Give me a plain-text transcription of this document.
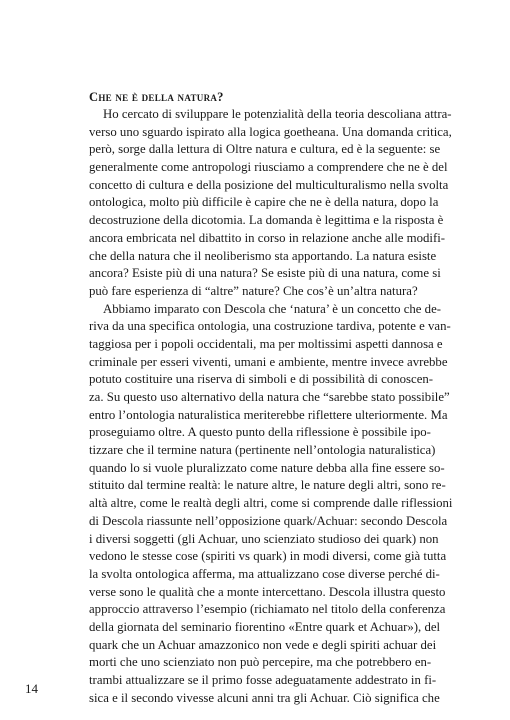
Che ne è della natura?
Ho cercato di sviluppare le potenzialità della teoria descoliana attra-
verso uno sguardo ispirato alla logica goetheana. Una domanda critica,
però, sorge dalla lettura di Oltre natura e cultura, ed è la seguente: se
generalmente come antropologi riusciamo a comprendere che ne è del
concetto di cultura e della posizione del multiculturalismo nella svolta
ontologica, molto più difficile è capire che ne è della natura, dopo la
decostruzione della dicotomia. La domanda è legittima e la risposta è
ancora embricata nel dibattito in corso in relazione anche alle modifi-
che della natura che il neoliberismo sta apportando. La natura esiste
ancora? Esiste più di una natura? Se esiste più di una natura, come si
può fare esperienza di “altre” nature? Che cos’è un’altra natura?
Abbiamo imparato con Descola che ‘natura’ è un concetto che de-
riva da una specifica ontologia, una costruzione tardiva, potente e van-
taggiosa per i popoli occidentali, ma per moltissimi aspetti dannosa e
criminale per esseri viventi, umani e ambiente, mentre invece avrebbe
potuto costituire una riserva di simboli e di possibilità di conoscen-
za. Su questo uso alternativo della natura che “sarebbe stato possibile”
entro l’ontologia naturalistica meriterebbe riflettere ulteriormente. Ma
proseguiamo oltre. A questo punto della riflessione è possibile ipo-
tizzare che il termine natura (pertinente nell’ontologia naturalistica)
quando lo si vuole pluralizzato come nature debba alla fine essere so-
stituito dal termine realtà: le nature altre, le nature degli altri, sono re-
altà altre, come le realtà degli altri, come si comprende dalle riflessioni
di Descola riassunte nell’opposizione quark/Achuar: secondo Descola
i diversi soggetti (gli Achuar, uno scienziato studioso dei quark) non
vedono le stesse cose (spiriti vs quark) in modi diversi, come già tutta
la svolta ontologica afferma, ma attualizzano cose diverse perché di-
verse sono le qualità che a monte intercettano. Descola illustra questo
approccio attraverso l’esempio (richiamato nel titolo della conferenza
della giornata del seminario fiorentino «Entre quark et Achuar»), del
quark che un Achuar amazzonico non vede e degli spiriti achuar dei
morti che uno scienziato non può percepire, ma che potrebbero en-
trambi attualizzare se il primo fosse adeguatamente addestrato in fi-
sica e il secondo vivesse alcuni anni tra gli Achuar. Ciò significa che
14
